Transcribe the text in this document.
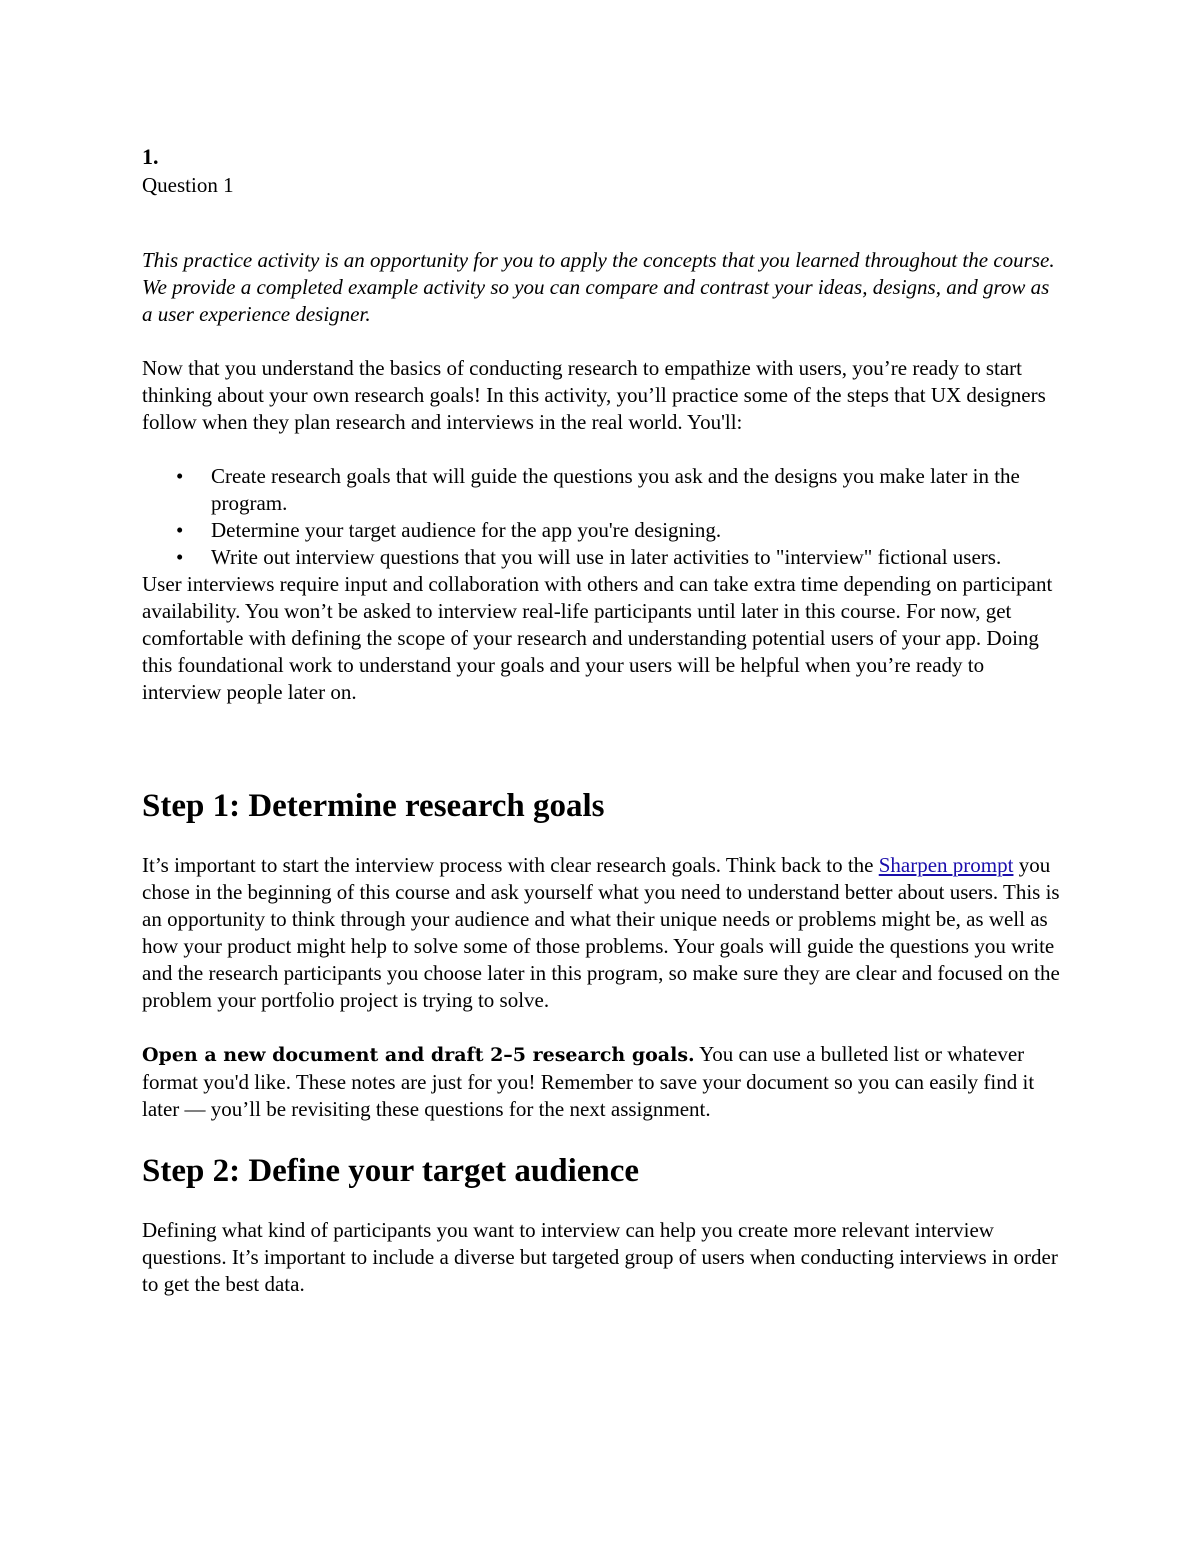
1.

Question 1

This practice activity is an opportunity for you to apply the concepts that you learned throughout the course. We provide a completed example activity so you can compare and contrast your ideas, designs, and grow as a user experience designer.

Now that you understand the basics of conducting research to empathize with users, you’re ready to start thinking about your own research goals! In this activity, you’ll practice some of the steps that UX designers follow when they plan research and interviews in the real world. You'll:

• Create research goals that will guide the questions you ask and the designs you make later in the program.
• Determine your target audience for the app you're designing.
• Write out interview questions that you will use in later activities to "interview" fictional users.

User interviews require input and collaboration with others and can take extra time depending on participant availability. You won’t be asked to interview real-life participants until later in this course. For now, get comfortable with defining the scope of your research and understanding potential users of your app. Doing this foundational work to understand your goals and your users will be helpful when you’re ready to interview people later on.

Step 1: Determine research goals

It’s important to start the interview process with clear research goals. Think back to the Sharpen prompt you chose in the beginning of this course and ask yourself what you need to understand better about users. This is an opportunity to think through your audience and what their unique needs or problems might be, as well as how your product might help to solve some of those problems. Your goals will guide the questions you write and the research participants you choose later in this program, so make sure they are clear and focused on the problem your portfolio project is trying to solve.

Open a new document and draft 2–5 research goals. You can use a bulleted list or whatever format you'd like. These notes are just for you! Remember to save your document so you can easily find it later — you’ll be revisiting these questions for the next assignment.

Step 2: Define your target audience

Defining what kind of participants you want to interview can help you create more relevant interview questions. It’s important to include a diverse but targeted group of users when conducting interviews in order to get the best data.
